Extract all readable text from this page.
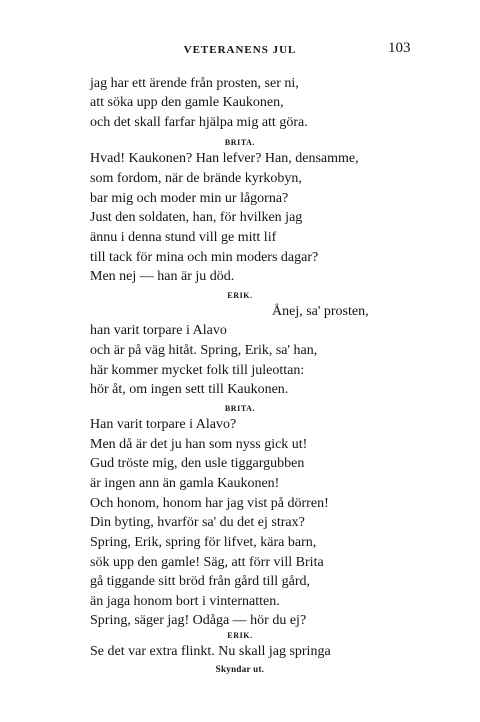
VETERANENS JUL	103
jag har ett ärende från prosten, ser ni,
att söka upp den gamle Kaukonen,
och det skall farfar hjälpa mig att göra.
BRITA.
Hvad! Kaukonen? Han lefver? Han, densamme,
som fordom, när de brände kyrkobyn,
bar mig och moder min ur lågorna?
Just den soldaten, han, för hvilken jag
ännu i denna stund vill ge mitt lif
till tack för mina och min moders dagar?
Men nej — han är ju död.
ERIK.
Ånej, sa' prosten,
han varit torpare i Alavo
och är på väg hitåt. Spring, Erik, sa' han,
här kommer mycket folk till juleottan:
hör åt, om ingen sett till Kaukonen.
BRITA.
Han varit torpare i Alavo?
Men då är det ju han som nyss gick ut!
Gud tröste mig, den usle tiggargubben
är ingen ann än gamla Kaukonen!
Och honom, honom har jag vist på dörren!
Din byting, hvarför sa' du det ej strax?
Spring, Erik, spring för lifvet, kära barn,
sök upp den gamle! Säg, att förr vill Brita
gå tiggande sitt bröd från gård till gård,
än jaga honom bort i vinternatten.
Spring, säger jag! Odåga — hör du ej?
ERIK.
Se det var extra flinkt. Nu skall jag springa
Skyndar ut.
